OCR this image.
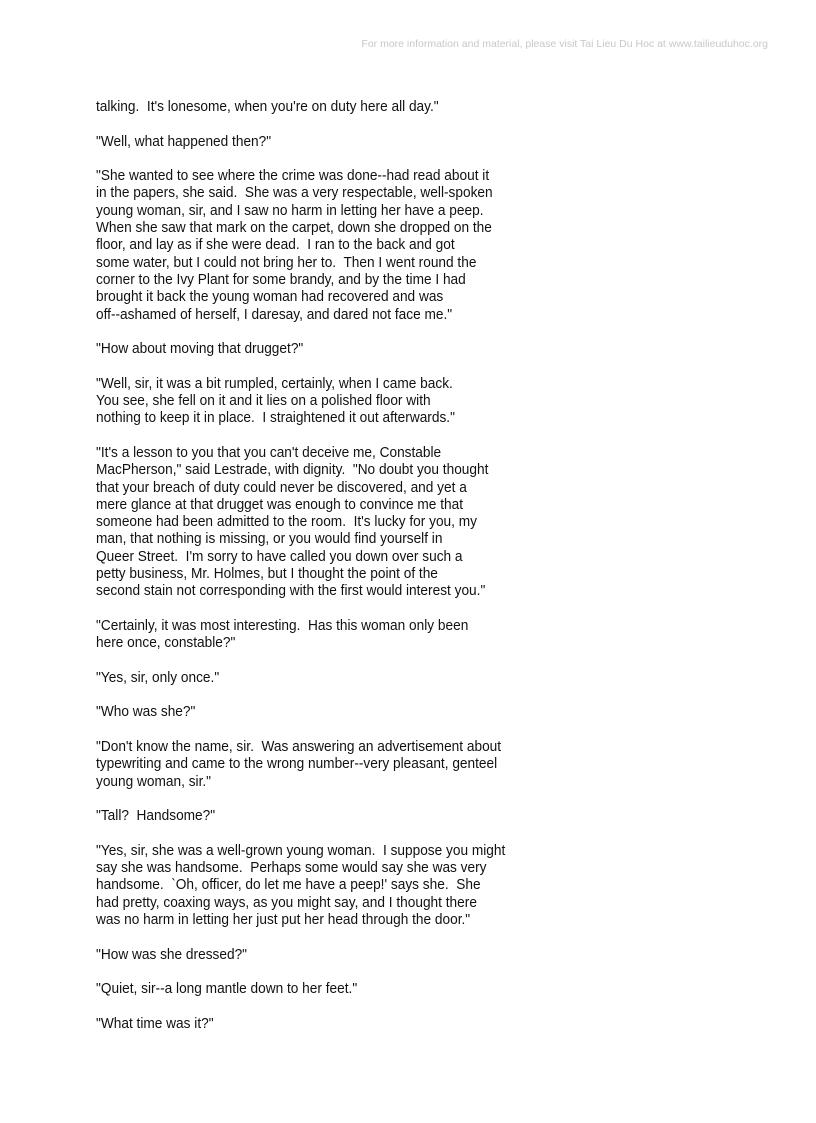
For more information and material, please visit Tai Lieu Du Hoc at www.tailieuduhoc.org
talking.  It's lonesome, when you're on duty here all day."
"Well, what happened then?"
"She wanted to see where the crime was done--had read about it
in the papers, she said.  She was a very respectable, well-spoken
young woman, sir, and I saw no harm in letting her have a peep.
When she saw that mark on the carpet, down she dropped on the
floor, and lay as if she were dead.  I ran to the back and got
some water, but I could not bring her to.  Then I went round the
corner to the Ivy Plant for some brandy, and by the time I had
brought it back the young woman had recovered and was
off--ashamed of herself, I daresay, and dared not face me."
"How about moving that drugget?"
"Well, sir, it was a bit rumpled, certainly, when I came back.
You see, she fell on it and it lies on a polished floor with
nothing to keep it in place.  I straightened it out afterwards."
"It's a lesson to you that you can't deceive me, Constable
MacPherson," said Lestrade, with dignity.  "No doubt you thought
that your breach of duty could never be discovered, and yet a
mere glance at that drugget was enough to convince me that
someone had been admitted to the room.  It's lucky for you, my
man, that nothing is missing, or you would find yourself in
Queer Street.  I'm sorry to have called you down over such a
petty business, Mr. Holmes, but I thought the point of the
second stain not corresponding with the first would interest you."
"Certainly, it was most interesting.  Has this woman only been
here once, constable?"
"Yes, sir, only once."
"Who was she?"
"Don't know the name, sir.  Was answering an advertisement about
typewriting and came to the wrong number--very pleasant, genteel
young woman, sir."
"Tall?  Handsome?"
"Yes, sir, she was a well-grown young woman.  I suppose you might
say she was handsome.  Perhaps some would say she was very
handsome.  `Oh, officer, do let me have a peep!' says she.  She
had pretty, coaxing ways, as you might say, and I thought there
was no harm in letting her just put her head through the door."
"How was she dressed?"
"Quiet, sir--a long mantle down to her feet."
"What time was it?"
